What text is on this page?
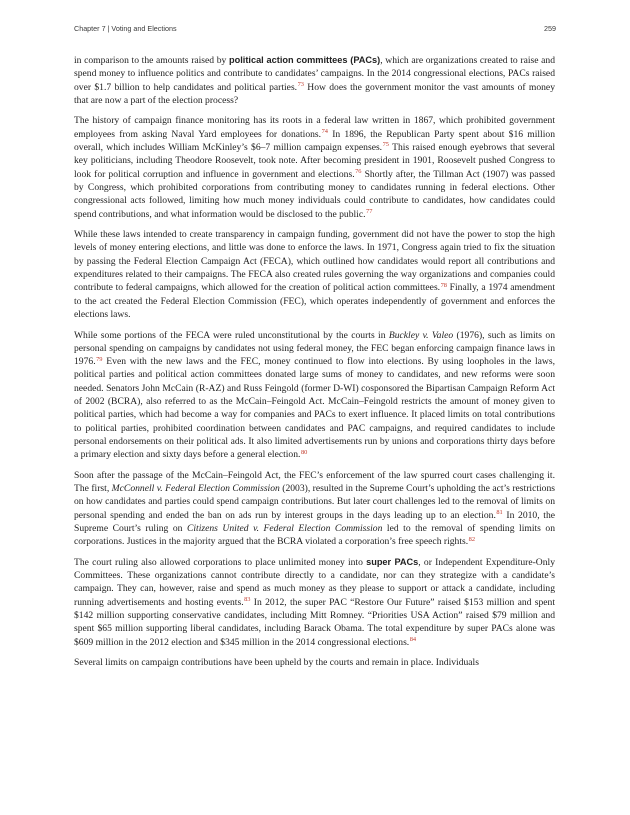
Chapter 7 | Voting and Elections	259

in comparison to the amounts raised by political action committees (PACs), which are organizations created to raise and spend money to influence politics and contribute to candidates’ campaigns. In the 2014 congressional elections, PACs raised over $1.7 billion to help candidates and political parties.$^{73}$ How does the government monitor the vast amounts of money that are now a part of the election process?

The history of campaign finance monitoring has its roots in a federal law written in 1867, which prohibited government employees from asking Naval Yard employees for donations.$^{74}$ In 1896, the Republican Party spent about $16 million overall, which includes William McKinley’s $6–7 million campaign expenses.$^{75}$ This raised enough eyebrows that several key politicians, including Theodore Roosevelt, took note. After becoming president in 1901, Roosevelt pushed Congress to look for political corruption and influence in government and elections.$^{76}$ Shortly after, the Tillman Act (1907) was passed by Congress, which prohibited corporations from contributing money to candidates running in federal elections. Other congressional acts followed, limiting how much money individuals could contribute to candidates, how candidates could spend contributions, and what information would be disclosed to the public.$^{77}$

While these laws intended to create transparency in campaign funding, government did not have the power to stop the high levels of money entering elections, and little was done to enforce the laws. In 1971, Congress again tried to fix the situation by passing the Federal Election Campaign Act (FECA), which outlined how candidates would report all contributions and expenditures related to their campaigns. The FECA also created rules governing the way organizations and companies could contribute to federal campaigns, which allowed for the creation of political action committees.$^{78}$ Finally, a 1974 amendment to the act created the Federal Election Commission (FEC), which operates independently of government and enforces the elections laws.

While some portions of the FECA were ruled unconstitutional by the courts in Buckley v. Valeo (1976), such as limits on personal spending on campaigns by candidates not using federal money, the FEC began enforcing campaign finance laws in 1976.79 Even with the new laws and the FEC, money continued to flow into elections. By using loopholes in the laws, political parties and political action committees donated large sums of money to candidates, and new reforms were soon needed. Senators John McCain (R-AZ) and Russ Feingold (former D-WI) cosponsored the Bipartisan Campaign Reform Act of 2002 (BCRA), also referred to as the McCain–Feingold Act. McCain–Feingold restricts the amount of money given to political parties, which had become a way for companies and PACs to exert influence. It placed limits on total contributions to political parties, prohibited coordination between candidates and PAC campaigns, and required candidates to include personal endorsements on their political ads. It also limited advertisements run by unions and corporations thirty days before a primary election and sixty days before a general election.$^{80}$

Soon after the passage of the McCain–Feingold Act, the FEC’s enforcement of the law spurred court cases challenging it. The first, McConnell v. Federal Election Commission (2003), resulted in the Supreme Court’s upholding the act’s restrictions on how candidates and parties could spend campaign contributions. But later court challenges led to the removal of limits on personal spending and ended the ban on ads run by interest groups in the days leading up to an election.$^{81}$ In 2010, the Supreme Court’s ruling on Citizens United v. Federal Election Commission led to the removal of spending limits on corporations. Justices in the majority argued that the BCRA violated a corporation’s free speech rights.$^{82}$

The court ruling also allowed corporations to place unlimited money into super PACs, or Independent Expenditure-Only Committees. These organizations cannot contribute directly to a candidate, nor can they strategize with a candidate’s campaign. They can, however, raise and spend as much money as they please to support or attack a candidate, including running advertisements and hosting events.$^{83}$ In 2012, the super PAC “Restore Our Future” raised $153 million and spent $142 million supporting conservative candidates, including Mitt Romney. “Priorities USA Action” raised $79 million and spent $65 million supporting liberal candidates, including Barack Obama. The total expenditure by super PACs alone was $609 million in the 2012 election and $345 million in the 2014 congressional elections.$^{84}$

Several limits on campaign contributions have been upheld by the courts and remain in place. Individuals
